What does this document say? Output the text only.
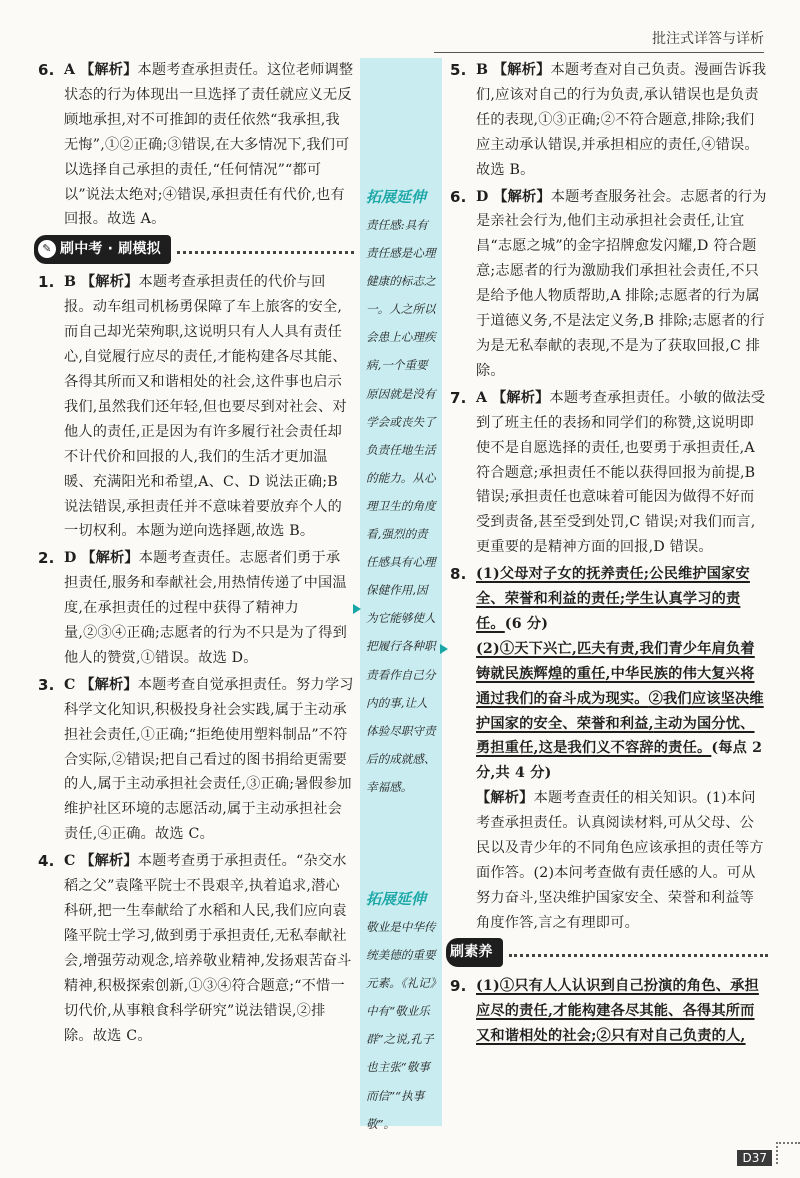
批注式详答与详析
6. A 【解析】本题考查承担责任。这位老师调整状态的行为体现出一旦选择了责任就应义无反顾地承担,对不可推卸的责任依然“我承担,我无悔”,①②正确;③错误,在大多情况下,我们可以选择自己承担的责任,“任何情况”“都可以”说法太绝对;④错误,承担责任有代价,也有回报。故选 A。
✎ 刷中考 · 刷模拟
1. B 【解析】本题考查承担责任的代价与回报。动车组司机杨勇保障了车上旅客的安全,而自己却光荣殉职,这说明只有人人具有责任心,自觉履行应尽的责任,才能构建各尽其能、各得其所而又和谐相处的社会,这件事也启示我们,虽然我们还年轻,但也要尽到对社会、对他人的责任,正是因为有许多履行社会责任却不计代价和回报的人,我们的生活才更加温暖、充满阳光和希望,A、C、D 说法正确;B 说法错误,承担责任并不意味着要放弃个人的一切权利。本题为逆向选择题,故选 B。
2. D 【解析】本题考查责任。志愿者们勇于承担责任,服务和奉献社会,用热情传递了中国温度,在承担责任的过程中获得了精神力量,②③④正确;志愿者的行为不只是为了得到他人的赞赏,①错误。故选 D。
3. C 【解析】本题考查自觉承担责任。努力学习科学文化知识,积极投身社会实践,属于主动承担社会责任,①正确;“拒绝使用塑料制品”不符合实际,②错误;把自己看过的图书捐给更需要的人,属于主动承担社会责任,③正确;暑假参加维护社区环境的志愿活动,属于主动承担社会责任,④正确。故选 C。
4. C 【解析】本题考查勇于承担责任。“杂交水稻之父”袁隆平院士不畏艰辛,执着追求,潜心科研,把一生奉献给了水稻和人民,我们应向袁隆平院士学习,做到勇于承担责任,无私奉献社会,增强劳动观念,培养敬业精神,发扬艰苦奋斗精神,积极探索创新,①③④符合题意;“不惜一切代价,从事粮食科学研究”说法错误,②排除。故选 C。
拓展延伸
责任感:具有责任感是心理健康的标志之一。人之所以会患上心理疾病,一个重要原因就是没有学会或丧失了负责任地生活的能力。从心理卫生的角度看,强烈的责任感具有心理保健作用,因为它能够使人把履行各种职责看作自己分内的事,让人体验尽职守责后的成就感、幸福感。
拓展延伸
敬业是中华传统美德的重要元素。《礼记》中有“敬业乐群”之说,孔子也主张“敬事而信”“执事敬”。
5. B 【解析】本题考查对自己负责。漫画告诉我们,应该对自己的行为负责,承认错误也是负责任的表现,①③正确;②不符合题意,排除;我们应主动承认错误,并承担相应的责任,④错误。故选 B。
6. D 【解析】本题考查服务社会。志愿者的行为是亲社会行为,他们主动承担社会责任,让宜昌“志愿之城”的金字招牌愈发闪耀,D 符合题意;志愿者的行为激励我们承担社会责任,不只是给予他人物质帮助,A 排除;志愿者的行为属于道德义务,不是法定义务,B 排除;志愿者的行为是无私奉献的表现,不是为了获取回报,C 排除。
7. A 【解析】本题考查承担责任。小敏的做法受到了班主任的表扬和同学们的称赞,这说明即使不是自愿选择的责任,也要勇于承担责任,A 符合题意;承担责任不能以获得回报为前提,B 错误;承担责任也意味着可能因为做得不好而受到责备,甚至受到处罚,C 错误;对我们而言,更重要的是精神方面的回报,D 错误。
8. (1)父母对子女的抚养责任;公民维护国家安全、荣誉和利益的责任;学生认真学习的责任。(6 分)
(2)①天下兴亡,匹夫有责,我们青少年肩负着铸就民族辉煌的重任,中华民族的伟大复兴将通过我们的奋斗成为现实。②我们应该坚决维护国家的安全、荣誉和利益,主动为国分忧、勇担重任,这是我们义不容辞的责任。(每点 2 分,共 4 分)
【解析】本题考查责任的相关知识。(1)本问考查承担责任。认真阅读材料,可从父母、公民以及青少年的不同角色应该承担的责任等方面作答。(2)本问考查做有责任感的人。可从努力奋斗,坚决维护国家安全、荣誉和利益等角度作答,言之有理即可。
刷素养
9. (1)①只有人人认识到自己扮演的角色、承担应尽的责任,才能构建各尽其能、各得其所而又和谐相处的社会;②只有对自己负责的人,
D37
